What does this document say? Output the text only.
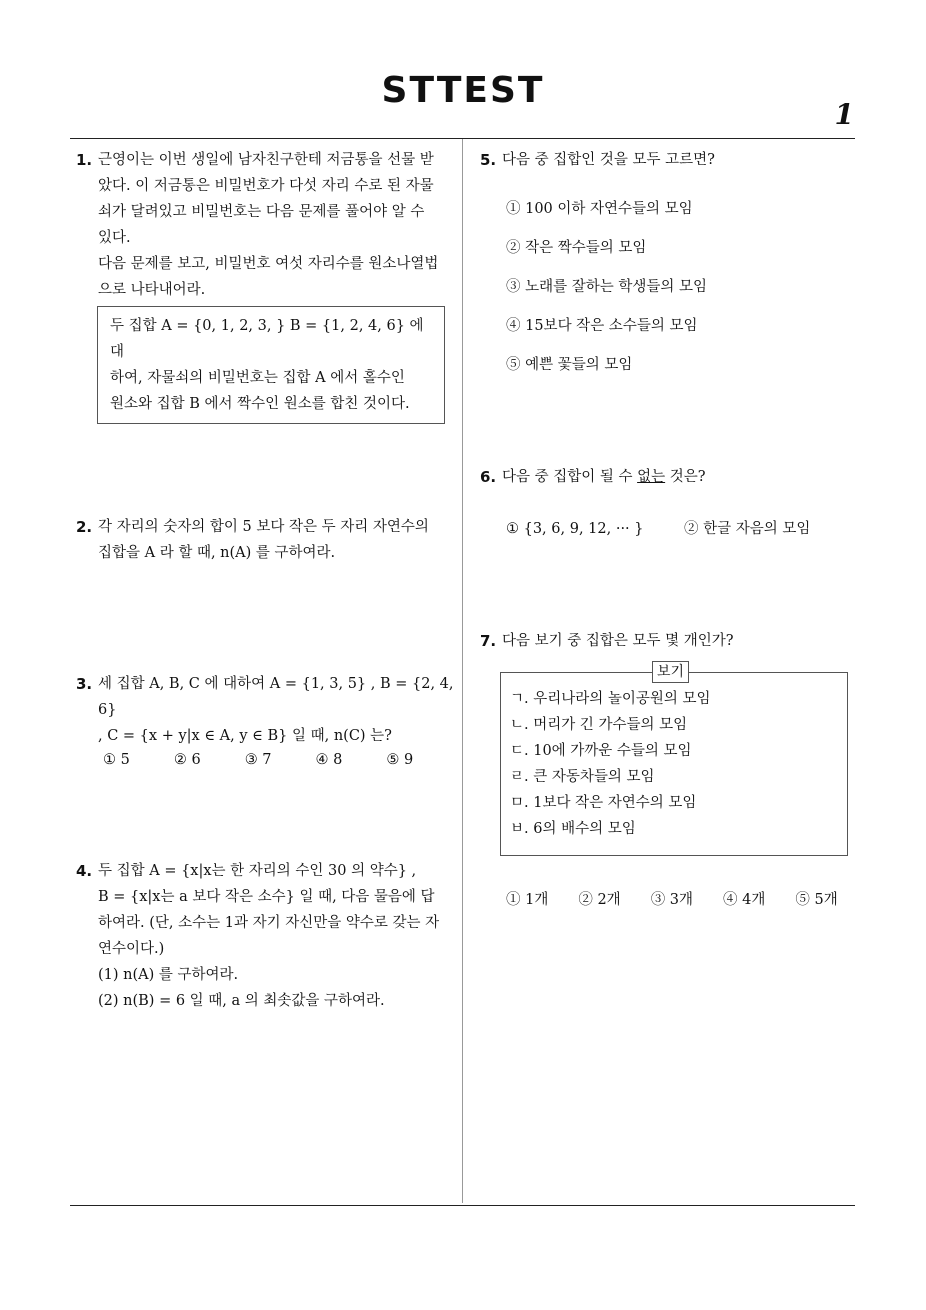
STTEST
1
1. 근영이는 이번 생일에 남자친구한테 저금통을 선물 받

았다. 이 저금통은 비밀번호가 다섯 자리 수로 된 자물

쇠가 달려있고 비밀번호는 다음 문제를 풀어야 알 수

있다.

다음 문제를 보고, 비밀번호 여섯 자리수를 원소나열법

으로 나타내어라.

두 집합 A = {0, 1, 2, 3, } B = {1, 2, 4, 6} 에 대

하여, 자물쇠의 비밀번호는 집합 A 에서 홀수인

원소와 집합 B 에서 짝수인 원소를 합친 것이다.

2. 각 자리의 숫자의 합이 5 보다 작은 두 자리 자연수의

집합을 A 라 할 때, n(A) 를 구하여라.

3. 세 집합 A, B, C 에 대하여 A = {1, 3, 5} , B = {2, 4, 6}

, C = {x + y|x ∈ A, y ∈ B} 일 때, n(C) 는?

① 5	② 6	③ 7	④ 8	⑤ 9
4. 두 집합 A = {x|x는 한 자리의 수인 30 의 약수} ,

B = {x|x는 a 보다 작은 소수} 일 때, 다음 물음에 답

하여라. (단, 소수는 1과 자기 자신만을 약수로 갖는 자

연수이다.)

(1) n(A) 를 구하여라.

(2) n(B) = 6 일 때, a 의 최솟값을 구하여라.

5. 다음 중 집합인 것을 모두 고르면?

① 100 이하 자연수들의 모임
② 작은 짝수들의 모임
③ 노래를 잘하는 학생들의 모임
④ 15보다 작은 소수들의 모임
⑤ 예쁜 꽃들의 모임
6. 다음 중 집합이 될 수 없는 것은?

① {3, 6, 9, 12, ··· }	② 한글 자음의 모임
7. 다음 보기 중 집합은 모두 몇 개인가?

보기
ㄱ. 우리나라의 놀이공원의 모임
ㄴ. 머리가 긴 가수들의 모임
ㄷ. 10에 가까운 수들의 모임
ㄹ. 큰 자동차들의 모임
ㅁ. 1보다 작은 자연수의 모임
ㅂ. 6의 배수의 모임
① 1개 ② 2개 ③ 3개 ④ 4개 ⑤ 5개
